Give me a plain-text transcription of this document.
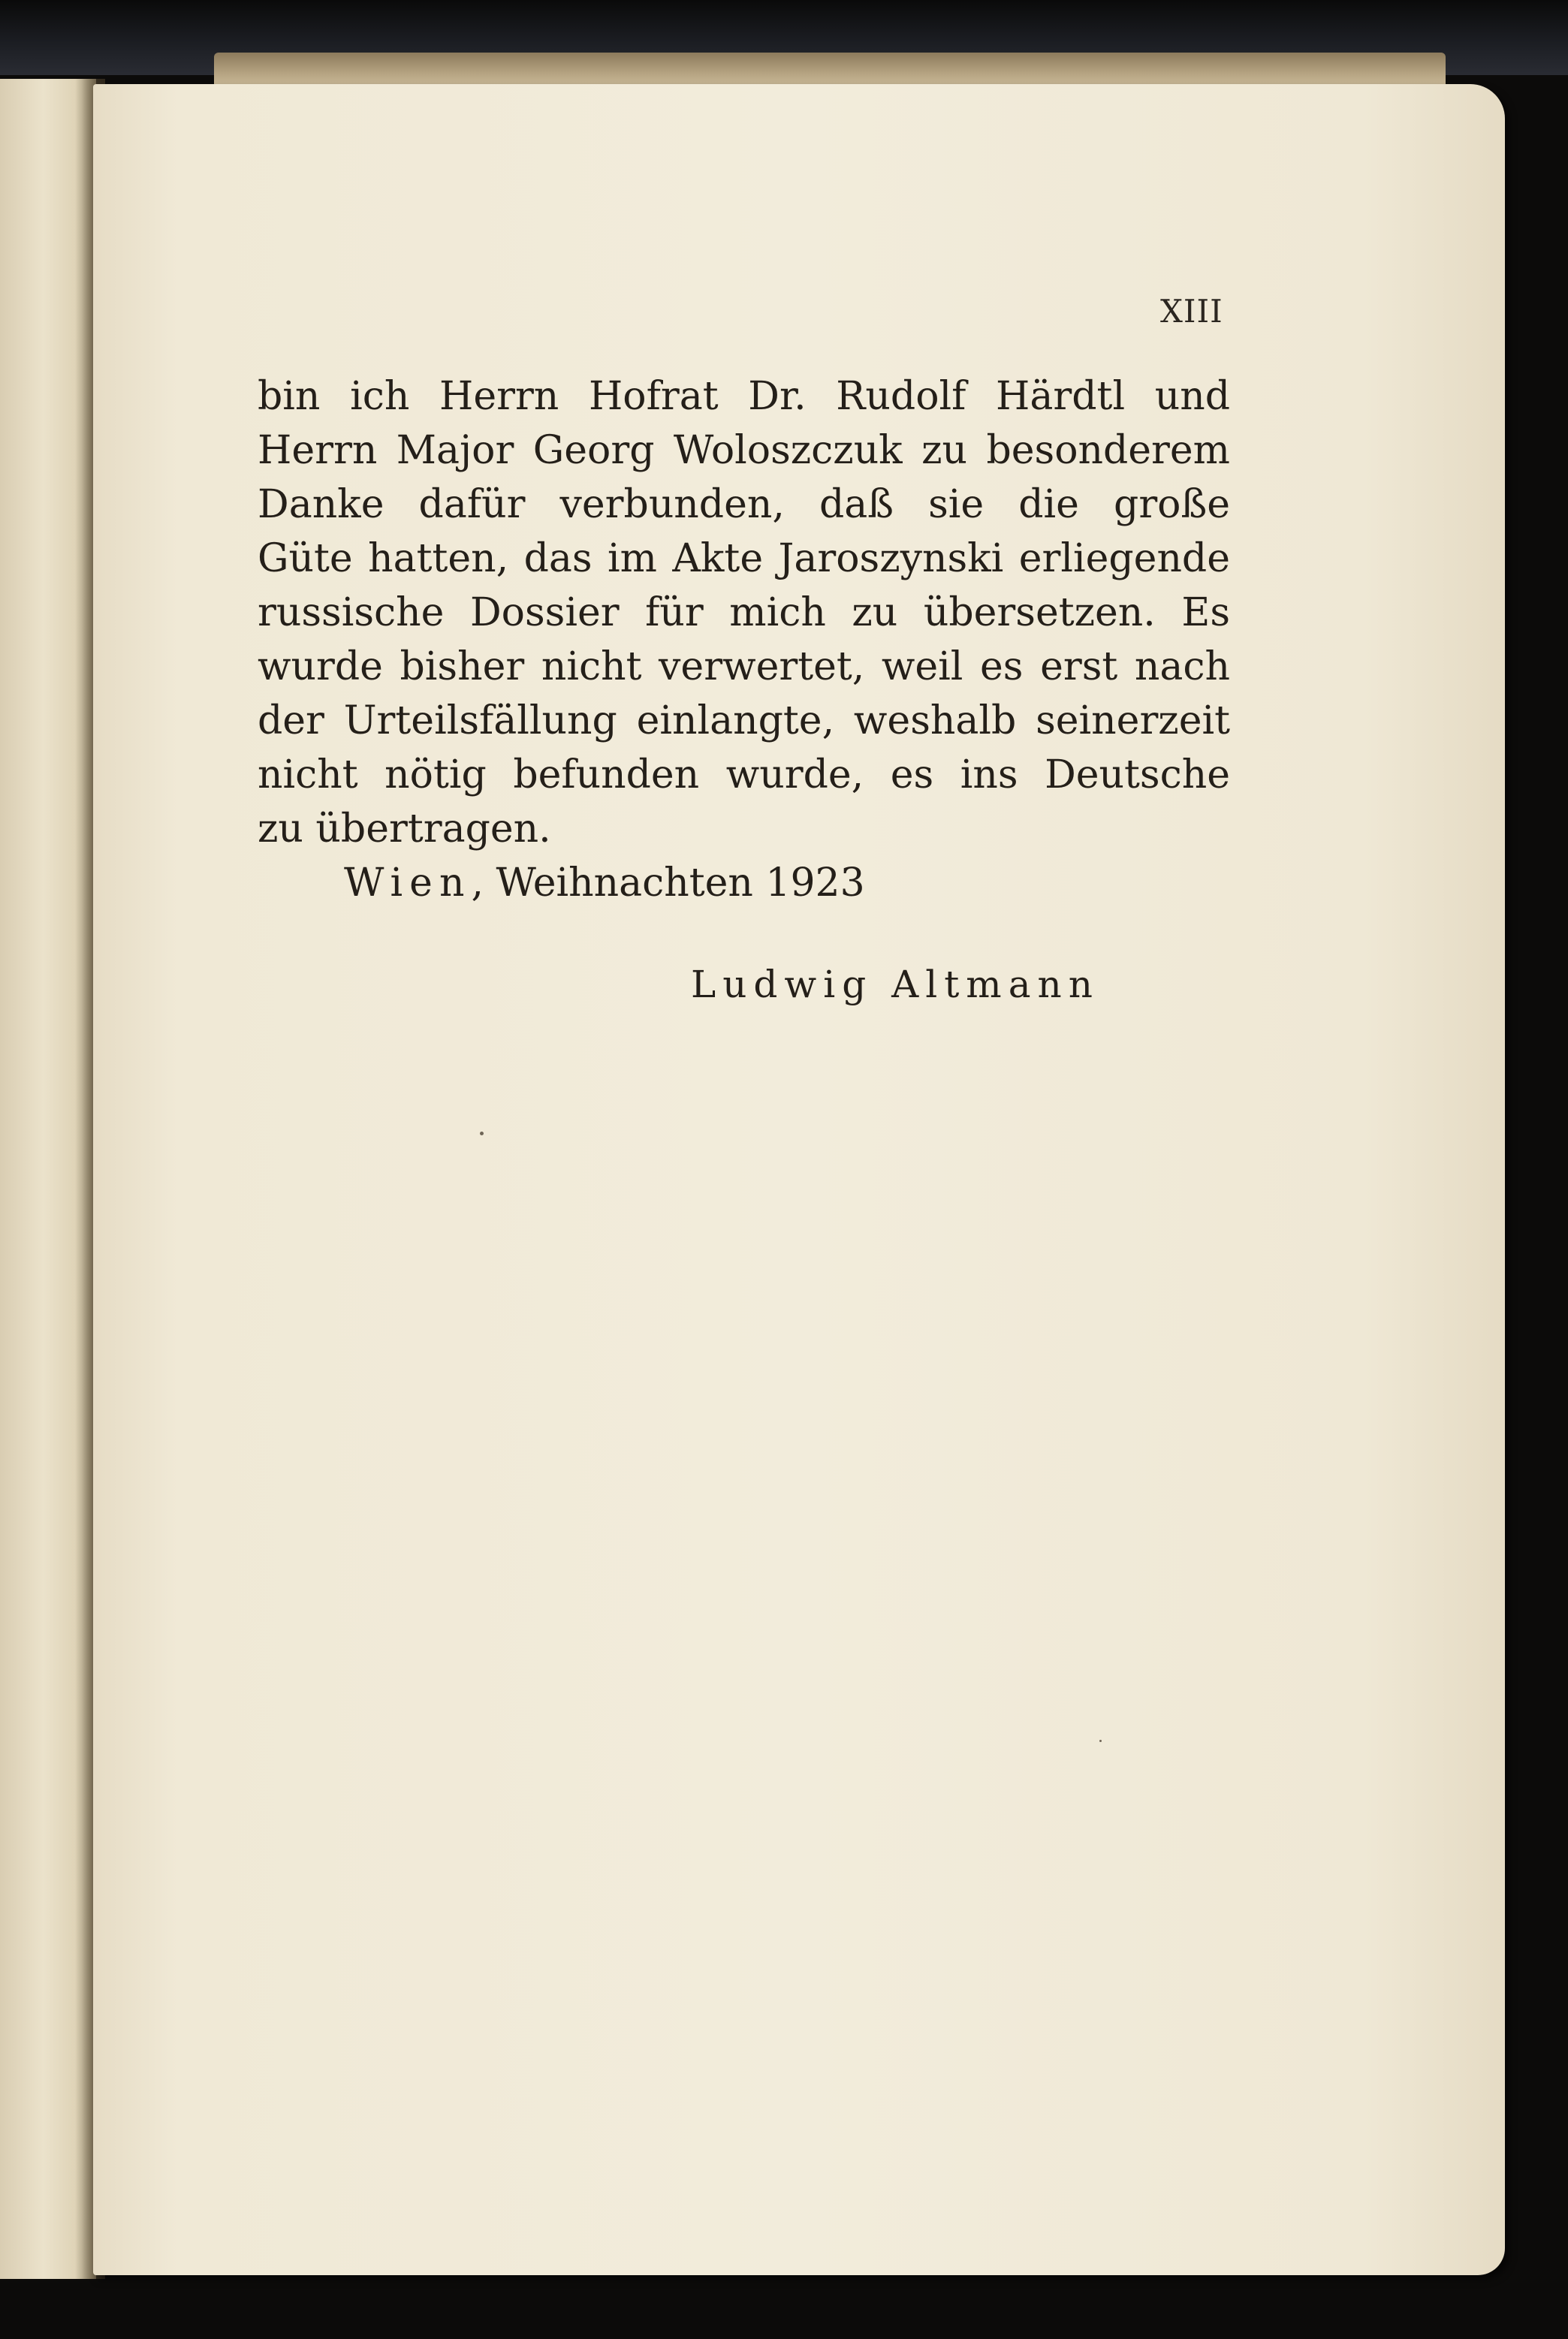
XIII
bin ich Herrn Hofrat Dr. Rudolf Härdtl und
Herrn Major Georg Woloszczuk zu besonderem
Danke dafür verbunden, daß sie die große
Güte hatten, das im Akte Jaroszynski erliegende
russische Dossier für mich zu übersetzen. Es
wurde bisher nicht verwertet, weil es erst nach
der Urteilsfällung einlangte, weshalb seinerzeit
nicht nötig befunden wurde, es ins Deutsche
zu übertragen.
Wien, Weihnachten 1923
Ludwig Altmann
